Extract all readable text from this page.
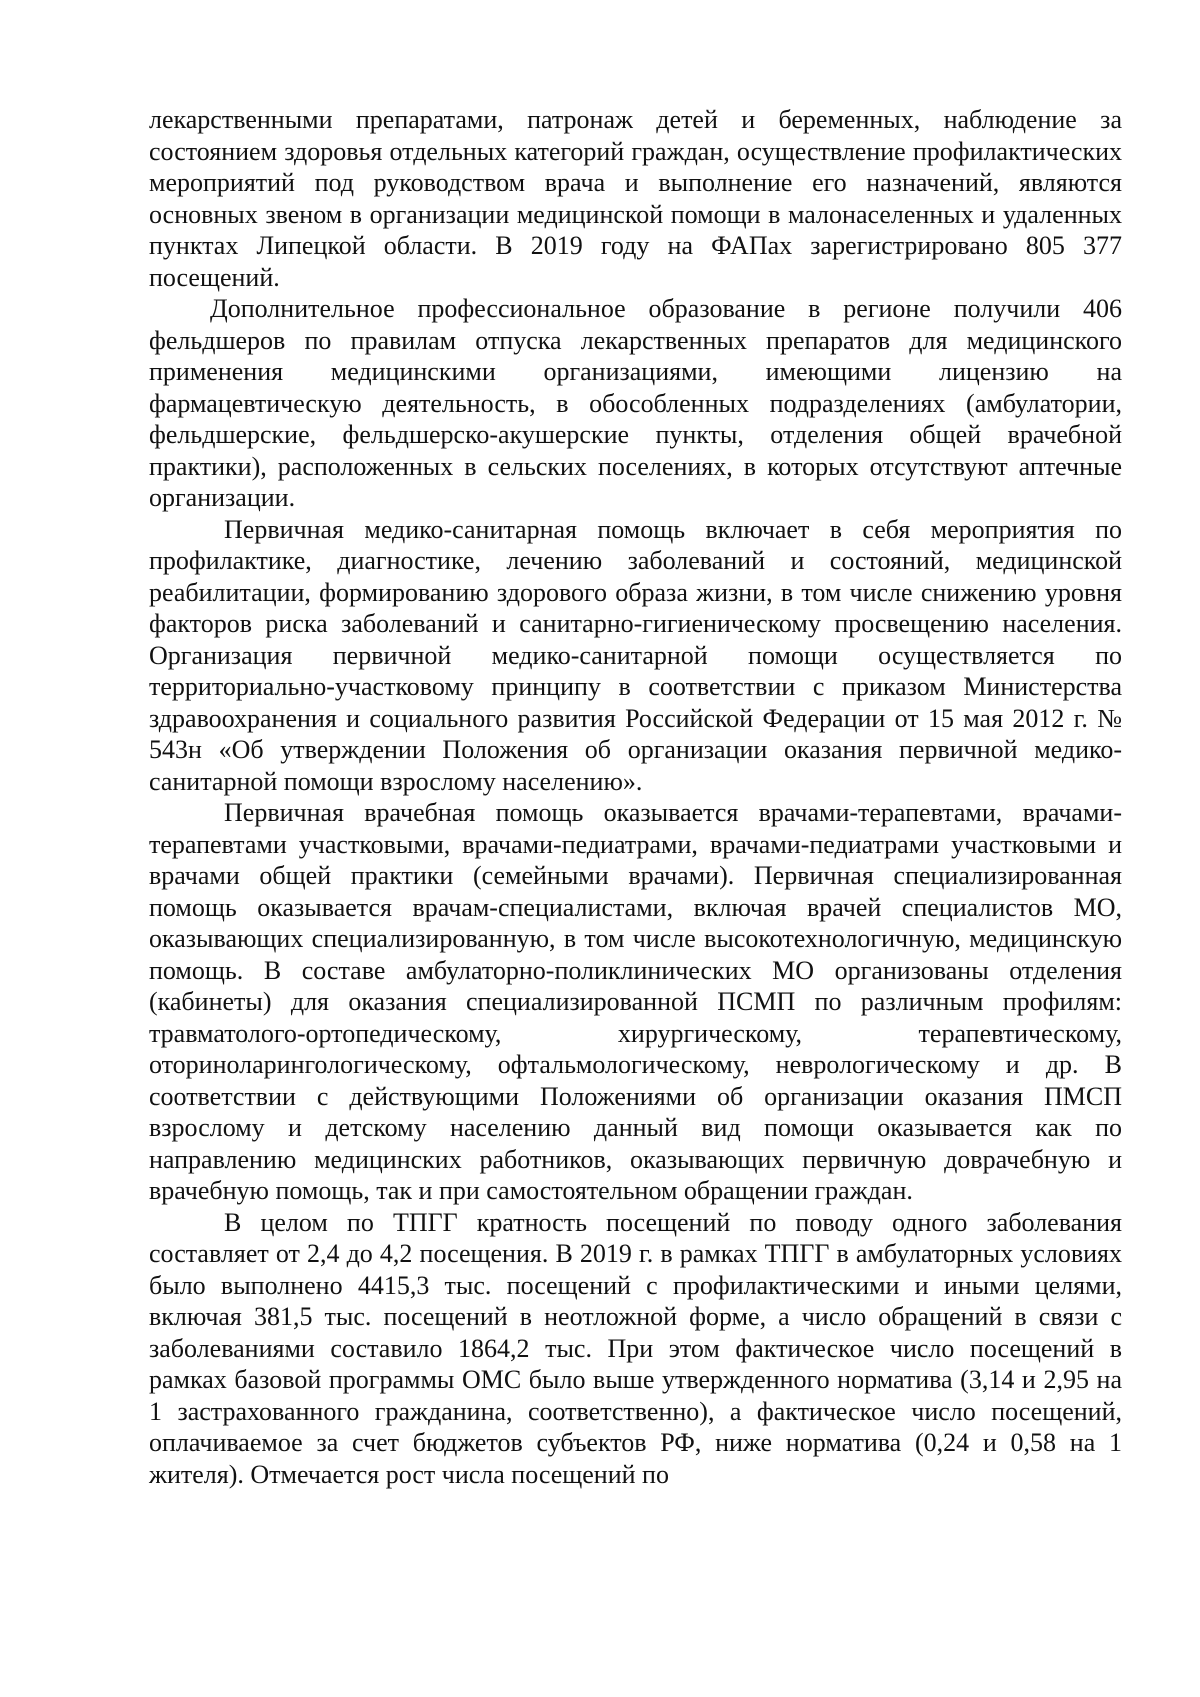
лекарственными препаратами, патронаж детей и беременных, наблюдение за состоянием здоровья отдельных категорий граждан, осуществление профилактических мероприятий под руководством врача и выполнение его назначений, являются основных звеном в организации медицинской помощи в малонаселенных и удаленных пунктах Липецкой области. В 2019 году на ФАПах зарегистрировано 805 377 посещений.

Дополнительное профессиональное образование в регионе получили 406 фельдшеров по правилам отпуска лекарственных препаратов для медицинского применения медицинскими организациями, имеющими лицензию на фармацевтическую деятельность, в обособленных подразделениях (амбулатории, фельдшерские, фельдшерско-акушерские пункты, отделения общей врачебной практики), расположенных в сельских поселениях, в которых отсутствуют аптечные организации.

Первичная медико-санитарная помощь включает в себя мероприятия по профилактике, диагностике, лечению заболеваний и состояний, медицинской реабилитации, формированию здорового образа жизни, в том числе снижению уровня факторов риска заболеваний и санитарно-гигиеническому просвещению населения. Организация первичной медико-санитарной помощи осуществляется по территориально-участковому принципу в соответствии с приказом Министерства здравоохранения и социального развития Российской Федерации от 15 мая 2012 г. № 543н «Об утверждении Положения об организации оказания первичной медико-санитарной помощи взрослому населению».

Первичная врачебная помощь оказывается врачами-терапевтами, врачами-терапевтами участковыми, врачами-педиатрами, врачами-педиатрами участковыми и врачами общей практики (семейными врачами). Первичная специализированная помощь оказывается врачам-специалистами, включая врачей специалистов МО, оказывающих специализированную, в том числе высокотехнологичную, медицинскую помощь. В составе амбулаторно-поликлинических МО организованы отделения (кабинеты) для оказания специализированной ПСМП по различным профилям: травматолого-ортопедическому, хирургическому, терапевтическому, оториноларингологическому, офтальмологическому, неврологическому и др. В соответствии с действующими Положениями об организации оказания ПМСП взрослому и детскому населению данный вид помощи оказывается как по направлению медицинских работников, оказывающих первичную доврачебную и врачебную помощь, так и при самостоятельном обращении граждан.

В целом по ТПГГ кратность посещений по поводу одного заболевания составляет от 2,4 до 4,2 посещения. В 2019 г. в рамках ТПГГ в амбулаторных условиях было выполнено 4415,3 тыс. посещений с профилактическими и иными целями, включая 381,5 тыс. посещений в неотложной форме, а число обращений в связи с заболеваниями составило 1864,2 тыс. При этом фактическое число посещений в рамках базовой программы ОМС было выше утвержденного норматива (3,14 и 2,95 на 1 застрахованного гражданина, соответственно), а фактическое число посещений, оплачиваемое за счет бюджетов субъектов РФ, ниже норматива (0,24 и 0,58 на 1 жителя). Отмечается рост числа посещений по
